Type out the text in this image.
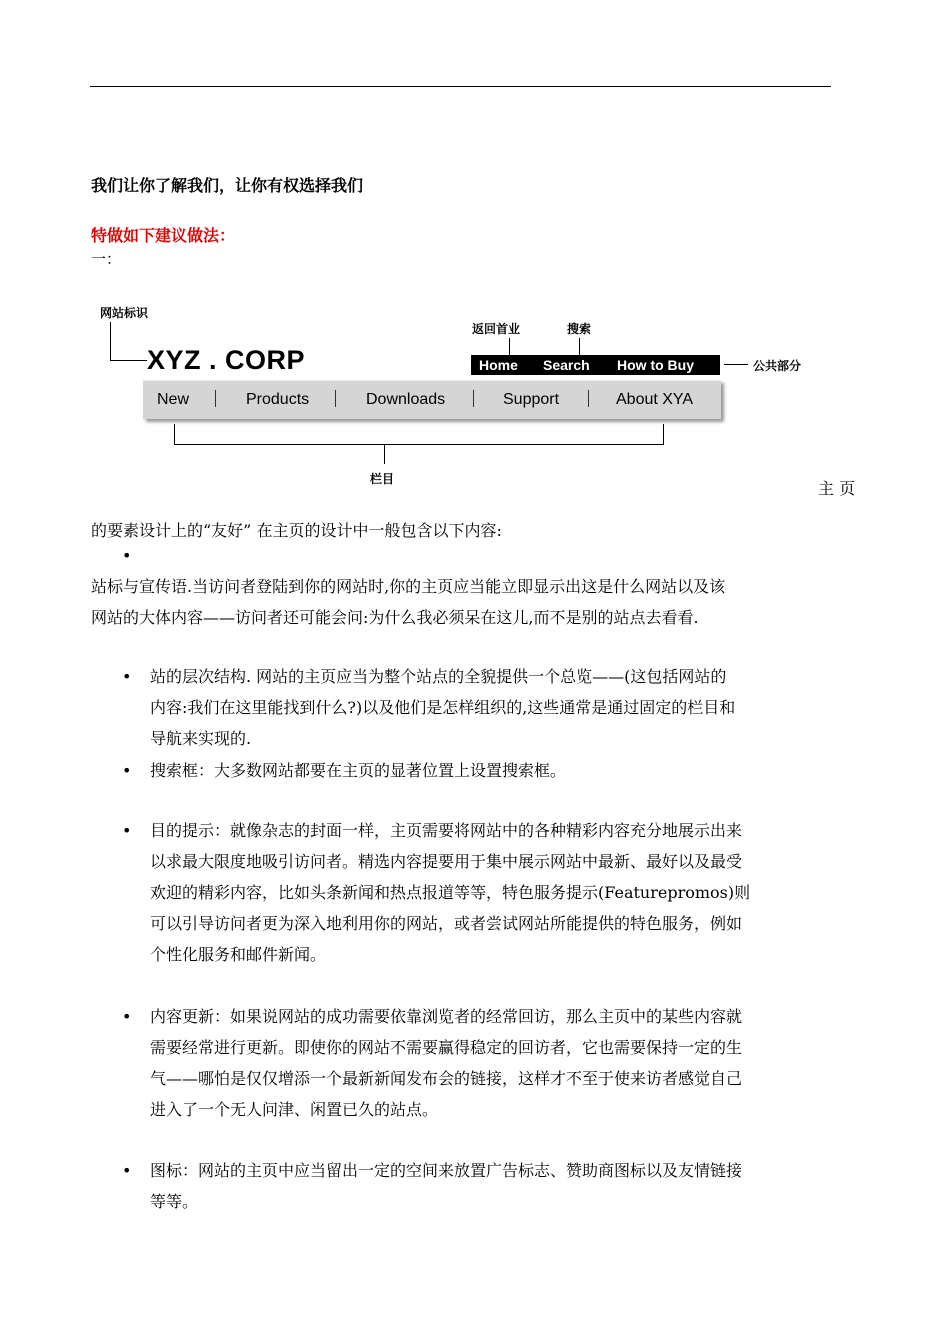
我们让你了解我们，让你有权选择我们
特做如下建议做法：
一：
网站标识
返回首业	搜索
XYZ . CORP	Home Search How to Buy	公共部分
New	Products	Downloads	Support	About XYA
栏目	主 页
的要素设计上的“友好” 在主页的设计中一般包含以下内容:
•
站标与宣传语.当访问者登陆到你的网站时,你的主页应当能立即显示出这是什么网站以及该
网站的大体内容——访问者还可能会问:为什么我必须呆在这儿,而不是别的站点去看看.
• 站的层次结构. 网站的主页应当为整个站点的全貌提供一个总览——(这包括网站的
内容:我们在这里能找到什么?)以及他们是怎样组织的,这些通常是通过固定的栏目和
导航来实现的.
• 搜索框：大多数网站都要在主页的显著位置上设置搜索框。
• 目的提示：就像杂志的封面一样，主页需要将网站中的各种精彩内容充分地展示出来
以求最大限度地吸引访问者。精选内容提要用于集中展示网站中最新、最好以及最受
欢迎的精彩内容，比如头条新闻和热点报道等等，特色服务提示(Featurepromos)则
可以引导访问者更为深入地利用你的网站，或者尝试网站所能提供的特色服务，例如
个性化服务和邮件新闻。
• 内容更新：如果说网站的成功需要依靠浏览者的经常回访，那么主页中的某些内容就
需要经常进行更新。即使你的网站不需要赢得稳定的回访者，它也需要保持一定的生
气——哪怕是仅仅增添一个最新新闻发布会的链接，这样才不至于使来访者感觉自己
进入了一个无人问津、闲置已久的站点。
• 图标：网站的主页中应当留出一定的空间来放置广告标志、赞助商图标以及友情链接
等等。
